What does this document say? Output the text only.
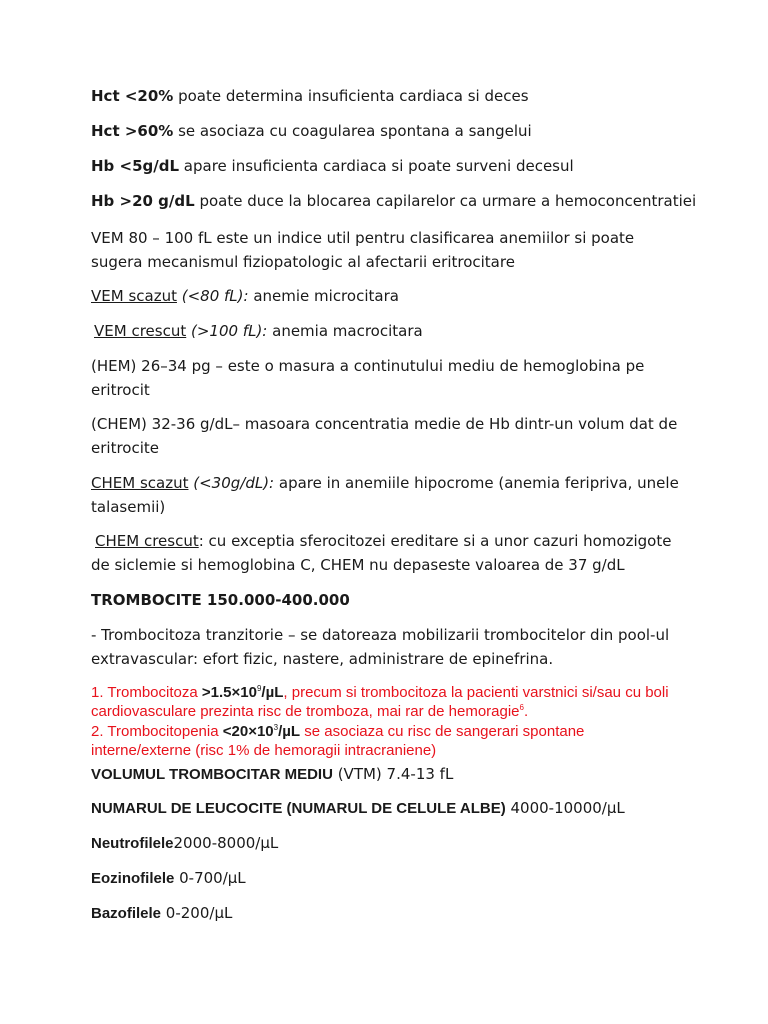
Hct <20% poate determina insuficienta cardiaca si deces
Hct >60% se asociaza cu coagularea spontana a sangelui
Hb <5g/dL apare insuficienta cardiaca si poate surveni decesul
Hb >20 g/dL poate duce la blocarea capilarelor ca urmare a hemoconcentratiei
VEM 80 – 100 fL este un indice util pentru clasificarea anemiilor si poate sugera mecanismul fiziopatologic al afectarii eritrocitare
VEM scazut (<80 fL): anemie microcitara
VEM crescut (>100 fL): anemia macrocitara
(HEM) 26–34 pg – este o masura a continutului mediu de hemoglobina pe eritrocit
(CHEM) 32-36 g/dL– masoara concentratia medie de Hb dintr-un volum dat de eritrocite
CHEM scazut (<30g/dL): apare in anemiile hipocrome (anemia feripriva, unele talasemii)
CHEM crescut: cu exceptia sferocitozei ereditare si a unor cazuri homozigote de siclemie si hemoglobina C, CHEM nu depaseste valoarea de 37 g/dL
TROMBOCITE 150.000-400.000
- Trombocitoza tranzitorie – se datoreaza mobilizarii trombocitelor din pool-ul extravascular: efort fizic, nastere, administrare de epinefrina.
1. Trombocitoza $>1.5\times 10^9/\mu L$, precum si trombocitoza la pacienti varstnici si/sau cu boli cardiovasculare prezinta risc de tromboza, mai rar de hemoragie$^6$.
2. Trombocitopenia $<20\times 10^3/\mu L$ se asociaza cu risc de sangerari spontane interne/externe (risc 1% de hemoragii intracraniene)
VOLUMUL TROMBOCITAR MEDIU (VTM) 7.4-13 fL
NUMARUL DE LEUCOCITE (NUMARUL DE CELULE ALBE) 4000-10000/µL
Neutrofilele2000-8000/µL
Eozinofilele 0-700/µL
Bazofilele 0-200/µL
